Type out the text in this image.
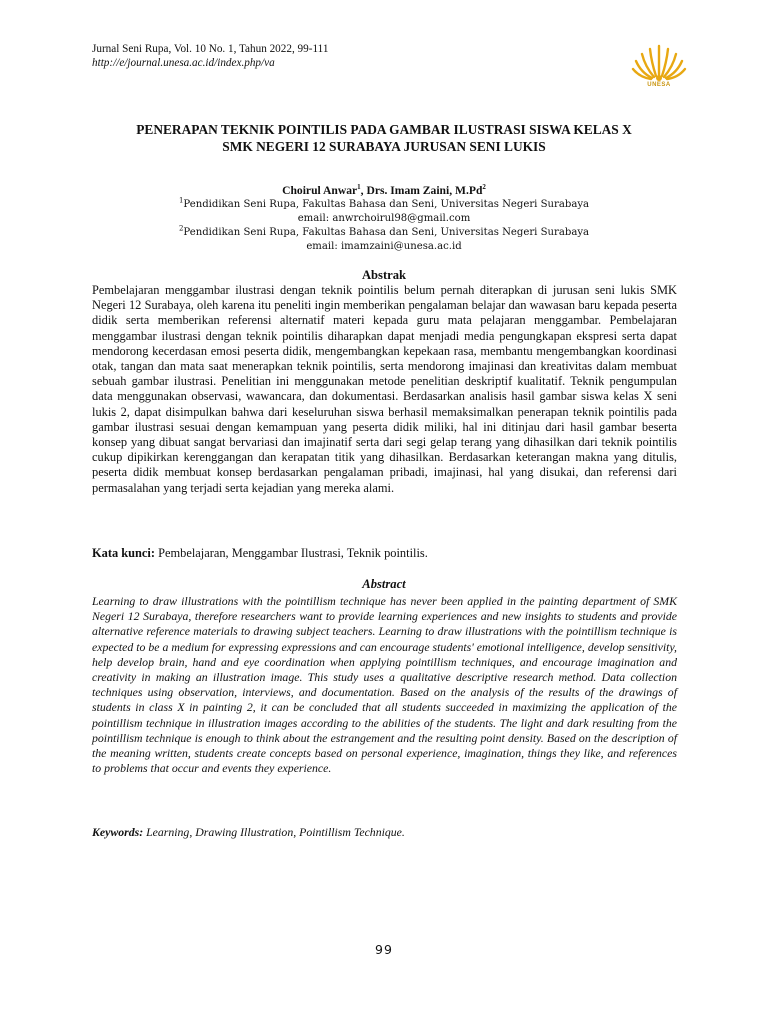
Jurnal Seni Rupa, Vol. 10 No. 1, Tahun 2022, 99-111
http://e/journal.unesa.ac.id/index.php/va
UNESA
PENERAPAN TEKNIK POINTILIS PADA GAMBAR ILUSTRASI SISWA KELAS X
SMK NEGERI 12 SURABAYA JURUSAN SENI LUKIS
Choirul Anwar$^1$, Drs. Imam Zaini, M.Pd$^2$
$^1$Pendidikan Seni Rupa, Fakultas Bahasa dan Seni, Universitas Negeri Surabaya
email: anwrchoirul98@gmail.com
$^2$Pendidikan Seni Rupa, Fakultas Bahasa dan Seni, Universitas Negeri Surabaya
email: imamzaini@unesa.ac.id
Abstrak
Pembelajaran menggambar ilustrasi dengan teknik pointilis belum pernah diterapkan di jurusan seni lukis SMK Negeri 12 Surabaya, oleh karena itu peneliti ingin memberikan pengalaman belajar dan wawasan baru kepada peserta didik serta memberikan referensi alternatif materi kepada guru mata pelajaran menggambar. Pembelajaran menggambar ilustrasi dengan teknik pointilis diharapkan dapat menjadi media pengungkapan ekspresi serta dapat mendorong kecerdasan emosi peserta didik, mengembangkan kepekaan rasa, membantu mengembangkan koordinasi otak, tangan dan mata saat menerapkan teknik pointilis, serta mendorong imajinasi dan kreativitas dalam membuat sebuah gambar ilustrasi. Penelitian ini menggunakan metode penelitian deskriptif kualitatif. Teknik pengumpulan data menggunakan observasi, wawancara, dan dokumentasi. Berdasarkan analisis hasil gambar siswa kelas X seni lukis 2, dapat disimpulkan bahwa dari keseluruhan siswa berhasil memaksimalkan penerapan teknik pointilis pada gambar ilustrasi sesuai dengan kemampuan yang peserta didik miliki, hal ini ditinjau dari hasil gambar beserta konsep yang dibuat sangat bervariasi dan imajinatif serta dari segi gelap terang yang dihasilkan dari teknik pointilis cukup dipikirkan kerenggangan dan kerapatan titik yang dihasilkan. Berdasarkan keterangan makna yang ditulis, peserta didik membuat konsep berdasarkan pengalaman pribadi, imajinasi, hal yang disukai, dan referensi dari permasalahan yang terjadi serta kejadian yang mereka alami.
Kata kunci: Pembelajaran, Menggambar Ilustrasi, Teknik pointilis.
Abstract
Learning to draw illustrations with the pointillism technique has never been applied in the painting department of SMK Negeri 12 Surabaya, therefore researchers want to provide learning experiences and new insights to students and provide alternative reference materials to drawing subject teachers. Learning to draw illustrations with the pointillism technique is expected to be a medium for expressing expressions and can encourage students' emotional intelligence, develop sensitivity, help develop brain, hand and eye coordination when applying pointillism techniques, and encourage imagination and creativity in making an illustration image. This study uses a qualitative descriptive research method. Data collection techniques using observation, interviews, and documentation. Based on the analysis of the results of the drawings of students in class X in painting 2, it can be concluded that all students succeeded in maximizing the application of the pointillism technique in illustration images according to the abilities of the students. The light and dark resulting from the pointillism technique is enough to think about the estrangement and the resulting point density. Based on the description of the meaning written, students create concepts based on personal experience, imagination, things they like, and references to problems that occur and events they experience.
Keywords: Learning, Drawing Illustration, Pointillism Technique.
99
